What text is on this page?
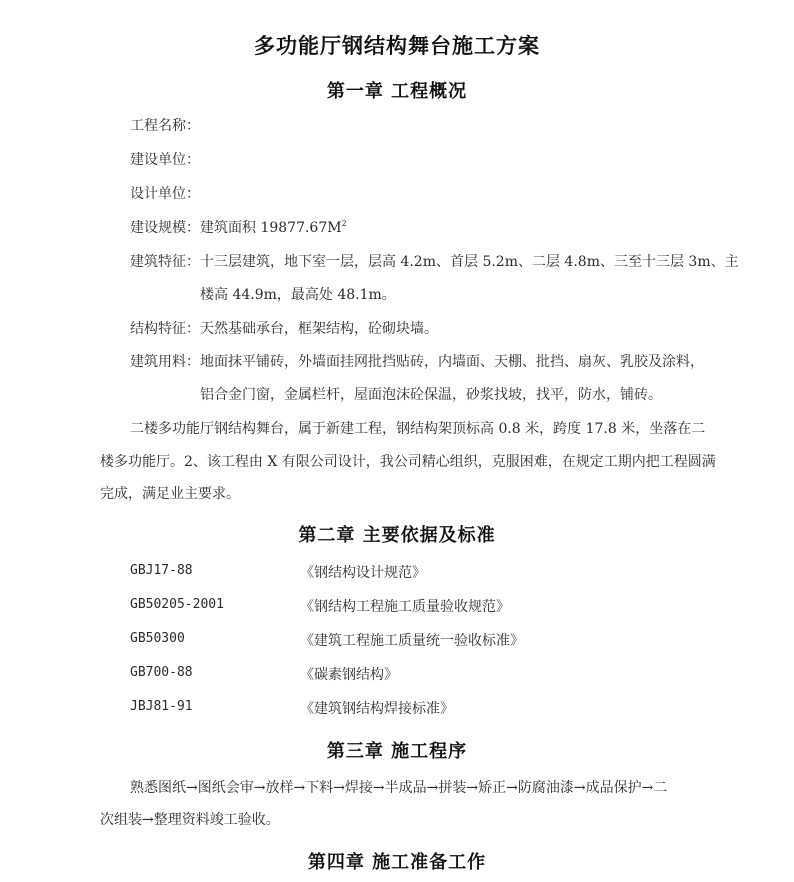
多功能厅钢结构舞台施工方案
第一章 工程概况
工程名称：
建设单位：
设计单位：
建设规模：建筑面积 $19877.67M^2$
建筑特征：十三层建筑，地下室一层，层高 4.2m、首层 5.2m、二层 4.8m、三至十三层 3m、主
楼高 44.9m，最高处 48.1m。
结构特征：天然基础承台，框架结构，砼砌块墙。
建筑用料：地面抹平铺砖，外墙面挂网批挡贴砖，内墙面、天棚、批挡、扇灰、乳胶及涂料，
铝合金门窗，金属栏杆，屋面泡沫砼保温，砂浆找坡，找平，防水，铺砖。
二楼多功能厅钢结构舞台，属于新建工程，钢结构架顶标高 0.8 米，跨度 17.8 米，坐落在二
楼多功能厅。2、该工程由 X 有限公司设计，我公司精心组织，克服困难，在规定工期内把工程圆满
完成，满足业主要求。
第二章 主要依据及标准
GBJ17-88	《钢结构设计规范》
GB50205-2001	《钢结构工程施工质量验收规范》
GB50300	《建筑工程施工质量统一验收标准》
GB700-88	《碳素钢结构》
JBJ81-91	《建筑钢结构焊接标准》
第三章 施工程序
熟悉图纸→图纸会审→放样→下料→焊接→半成品→拼装→矫正→防腐油漆→成品保护→二
次组装→整理资料竣工验收。
第四章 施工准备工作
